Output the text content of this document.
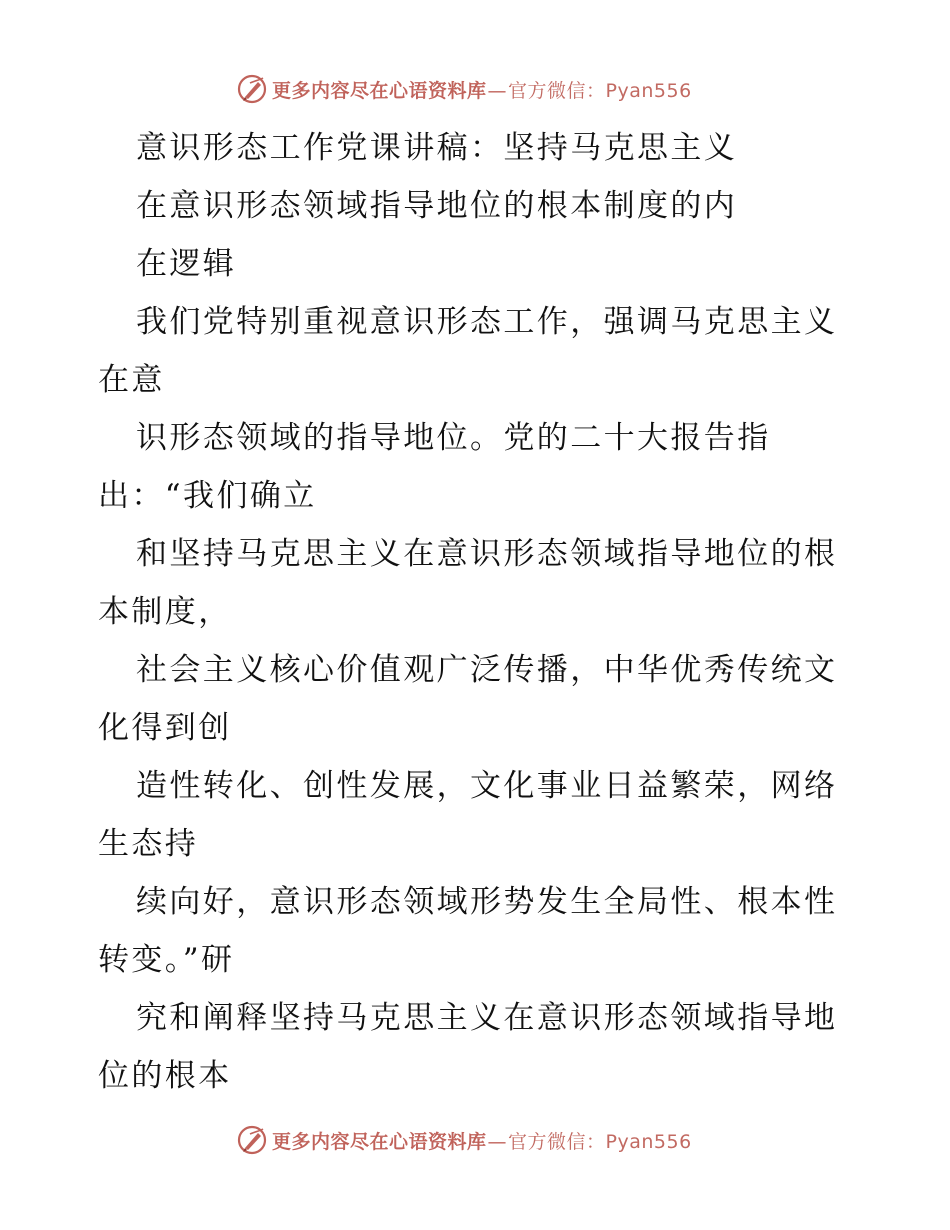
更多内容尽在心语资料库—官方微信：Pyan556
意识形态工作党课讲稿：坚持马克思主义
在意识形态领域指导地位的根本制度的内
在逻辑
我们党特别重视意识形态工作，强调马克思主义
在意
识形态领域的指导地位。党的二十大报告指
出：“我们确立
和坚持马克思主义在意识形态领域指导地位的根
本制度，
社会主义核心价值观广泛传播，中华优秀传统文
化得到创
造性转化、创性发展，文化事业日益繁荣，网络
生态持
续向好，意识形态领域形势发生全局性、根本性
转变。”研
究和阐释坚持马克思主义在意识形态领域指导地
位的根本
更多内容尽在心语资料库—官方微信：Pyan556
